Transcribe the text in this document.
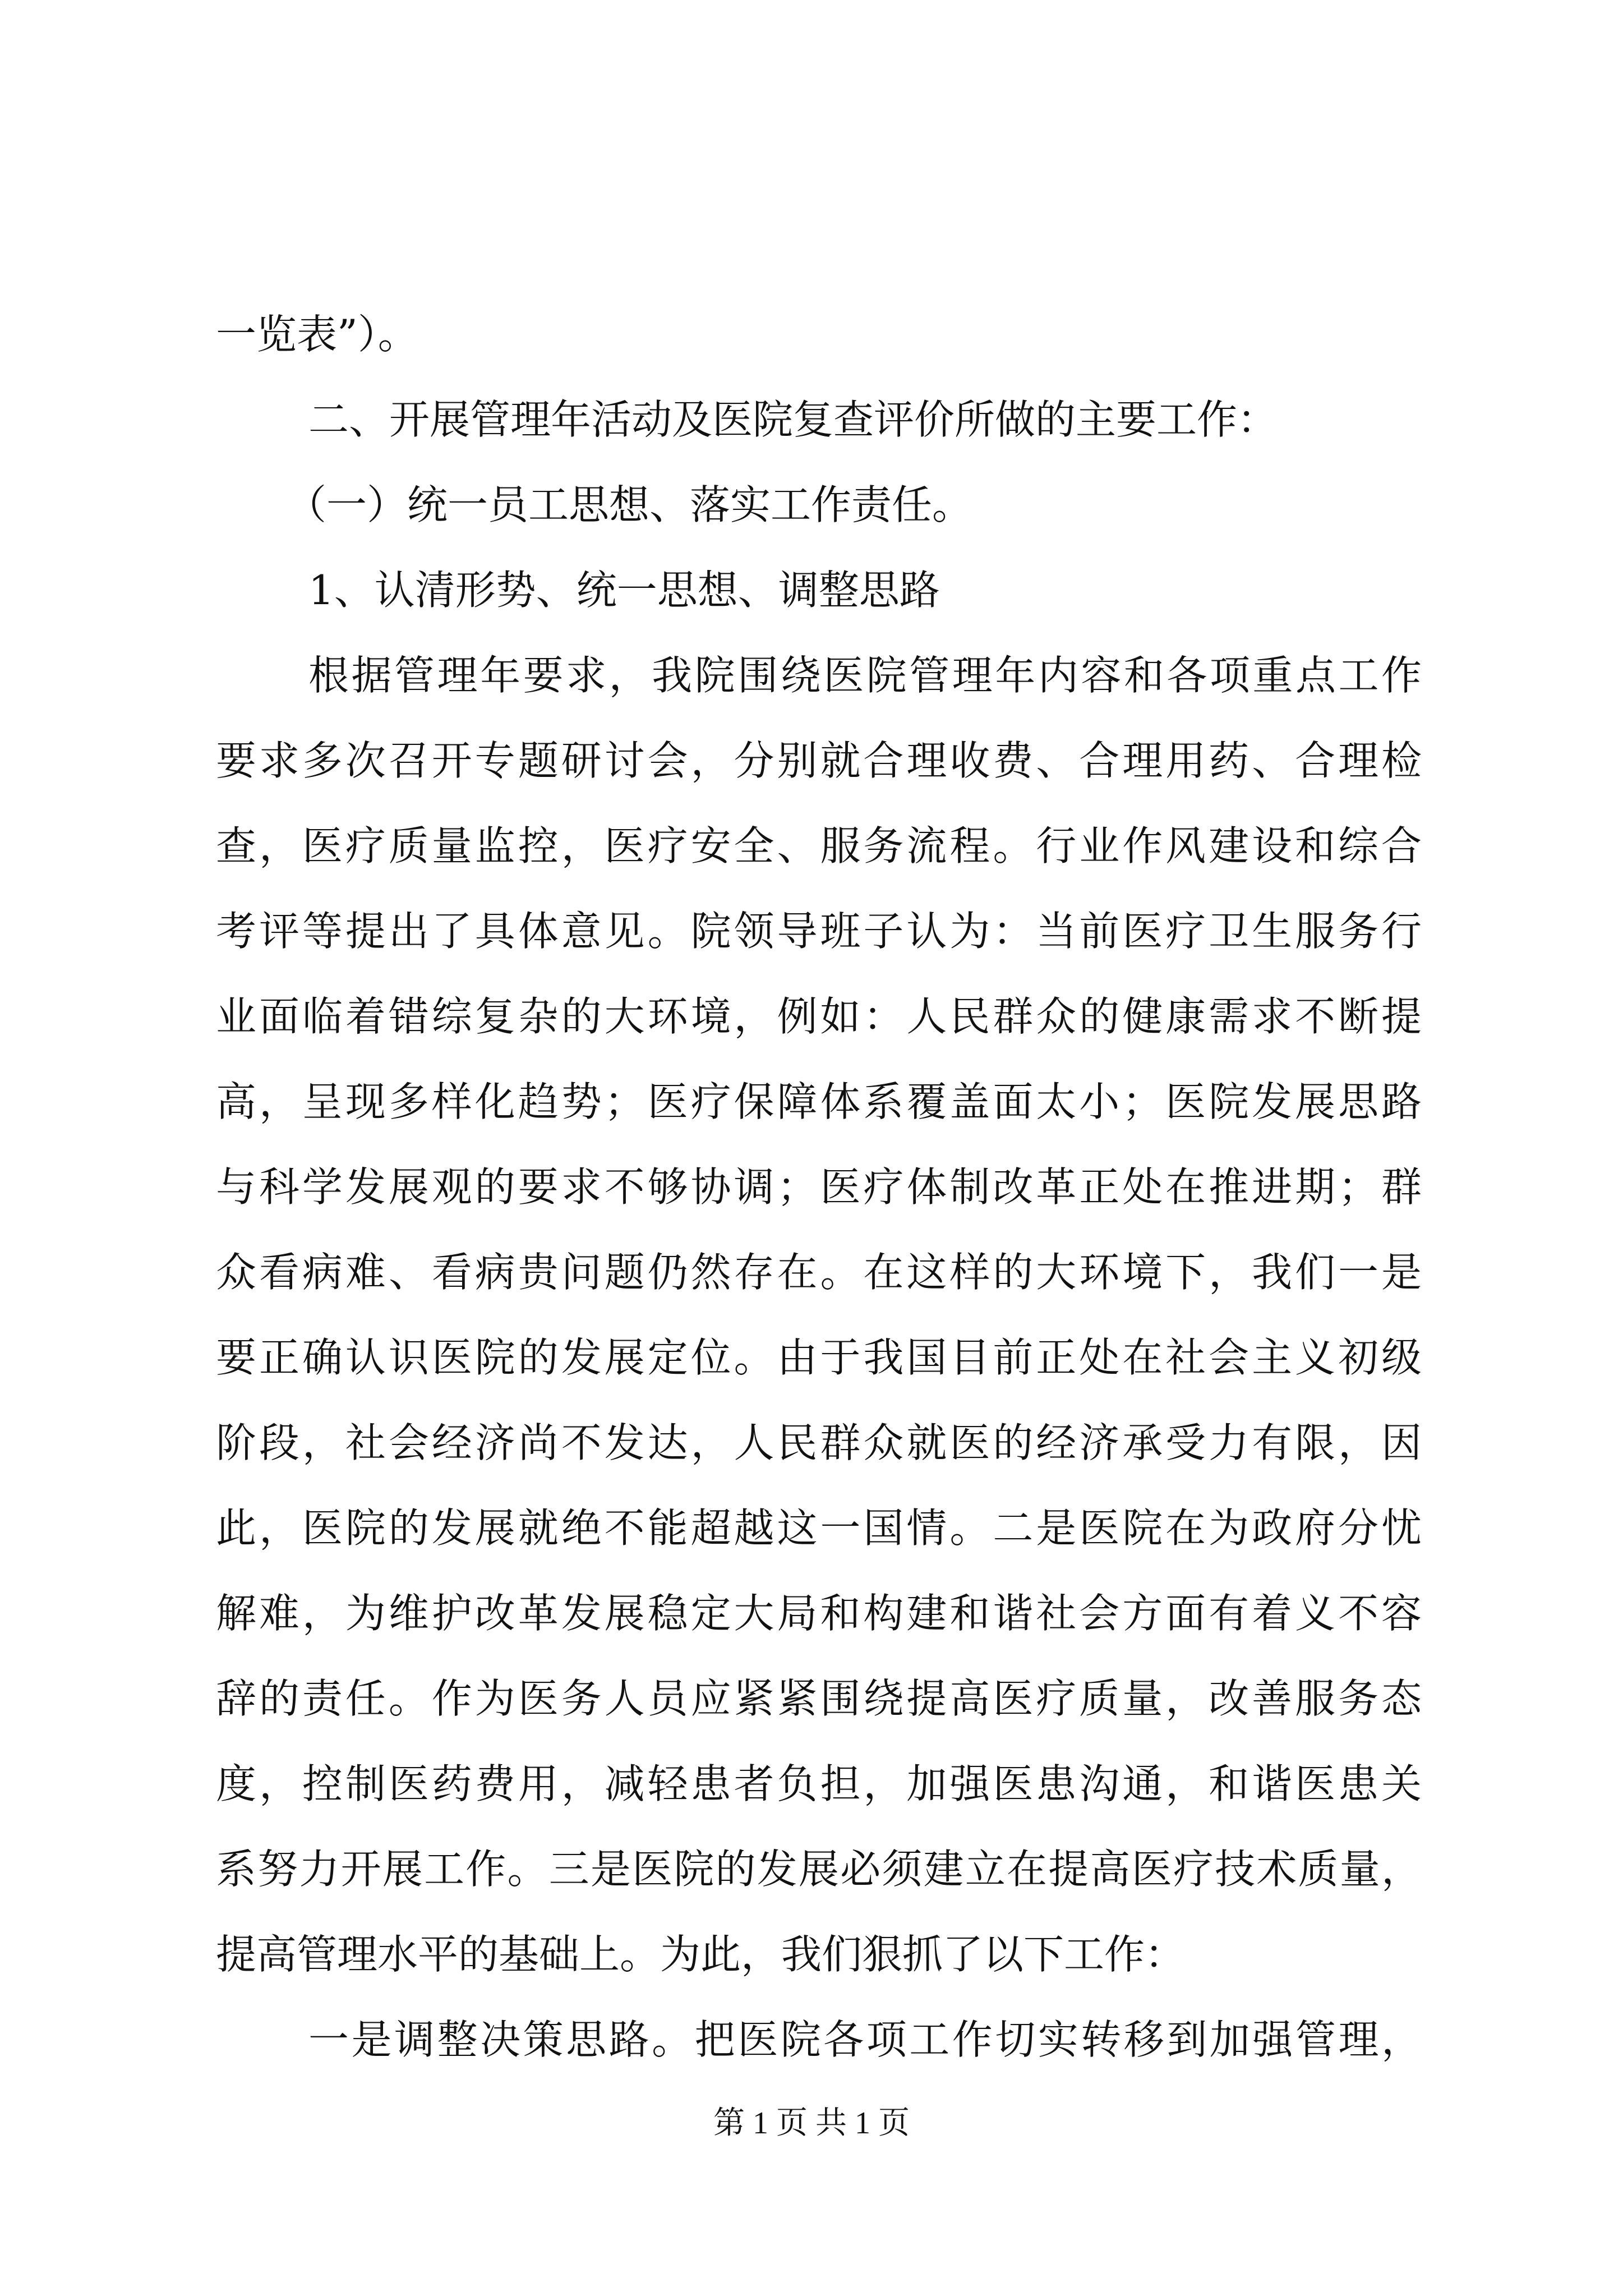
一览表”）。
二、开展管理年活动及医院复查评价所做的主要工作：
（一）统一员工思想、落实工作责任。
1、认清形势、统一思想、调整思路
根据管理年要求，我院围绕医院管理年内容和各项重点工作
要求多次召开专题研讨会，分别就合理收费、合理用药、合理检
查，医疗质量监控，医疗安全、服务流程。行业作风建设和综合
考评等提出了具体意见。院领导班子认为：当前医疗卫生服务行
业面临着错综复杂的大环境，例如：人民群众的健康需求不断提
高，呈现多样化趋势；医疗保障体系覆盖面太小；医院发展思路
与科学发展观的要求不够协调；医疗体制改革正处在推进期；群
众看病难、看病贵问题仍然存在。在这样的大环境下，我们一是
要正确认识医院的发展定位。由于我国目前正处在社会主义初级
阶段，社会经济尚不发达，人民群众就医的经济承受力有限，因
此，医院的发展就绝不能超越这一国情。二是医院在为政府分忧
解难，为维护改革发展稳定大局和构建和谐社会方面有着义不容
辞的责任。作为医务人员应紧紧围绕提高医疗质量，改善服务态
度，控制医药费用，减轻患者负担，加强医患沟通，和谐医患关
系努力开展工作。三是医院的发展必须建立在提高医疗技术质量，
提高管理水平的基础上。为此，我们狠抓了以下工作：
一是调整决策思路。把医院各项工作切实转移到加强管理，
第 1 页 共 1 页
